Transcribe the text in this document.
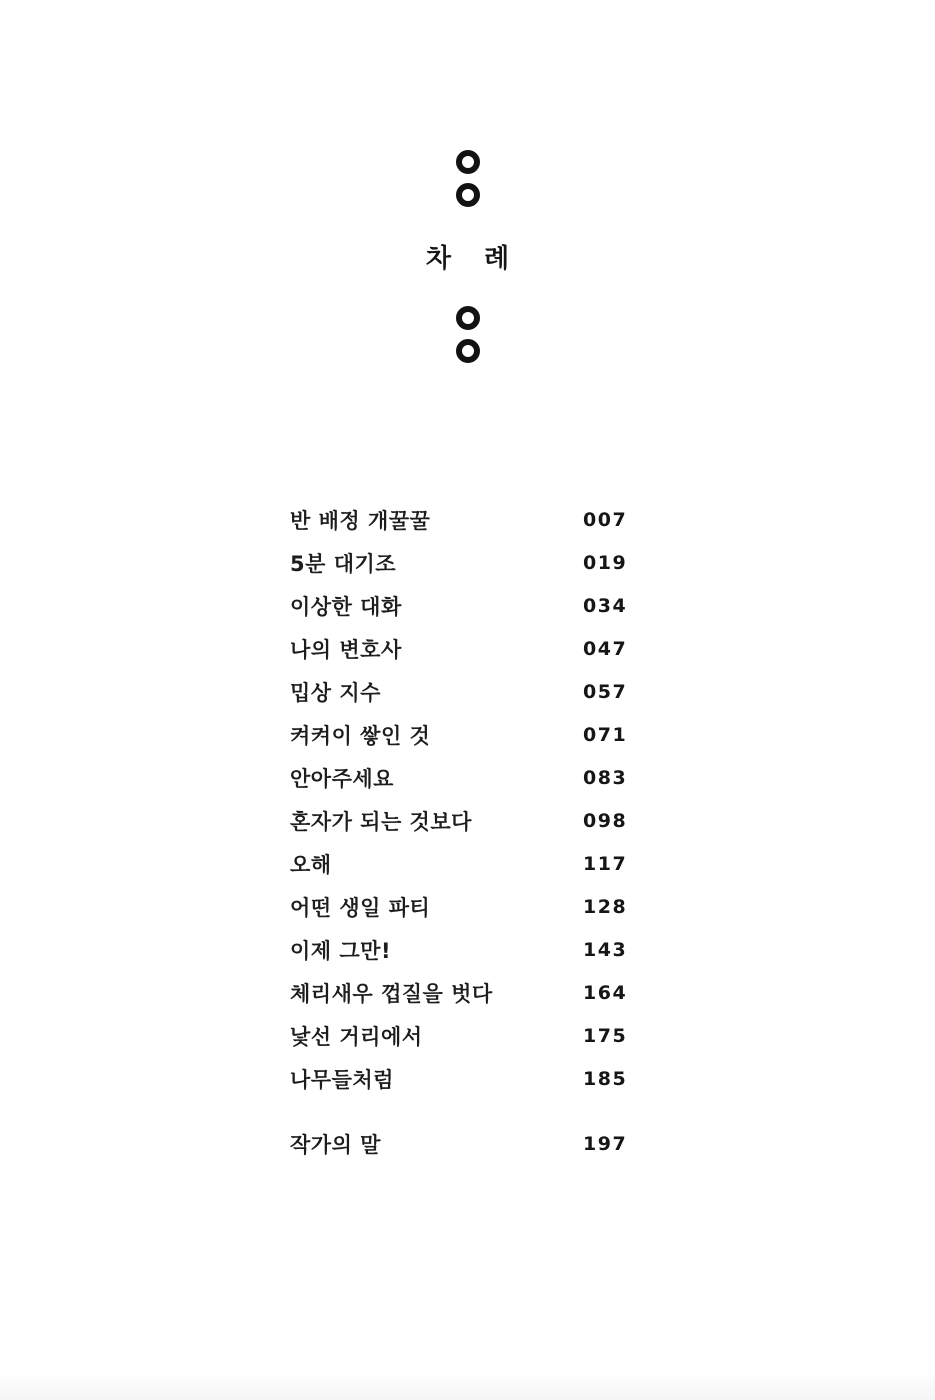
차 례
반 배정 개꿀꿀	007
5분 대기조	019
이상한 대화	034
나의 변호사	047
밉상 지수	057
켜켜이 쌓인 것	071
안아주세요	083
혼자가 되는 것보다	098
오해	117
어떤 생일 파티	128
이제 그만!	143
체리새우 껍질을 벗다	164
낯선 거리에서	175
나무들처럼	185
작가의 말	197
